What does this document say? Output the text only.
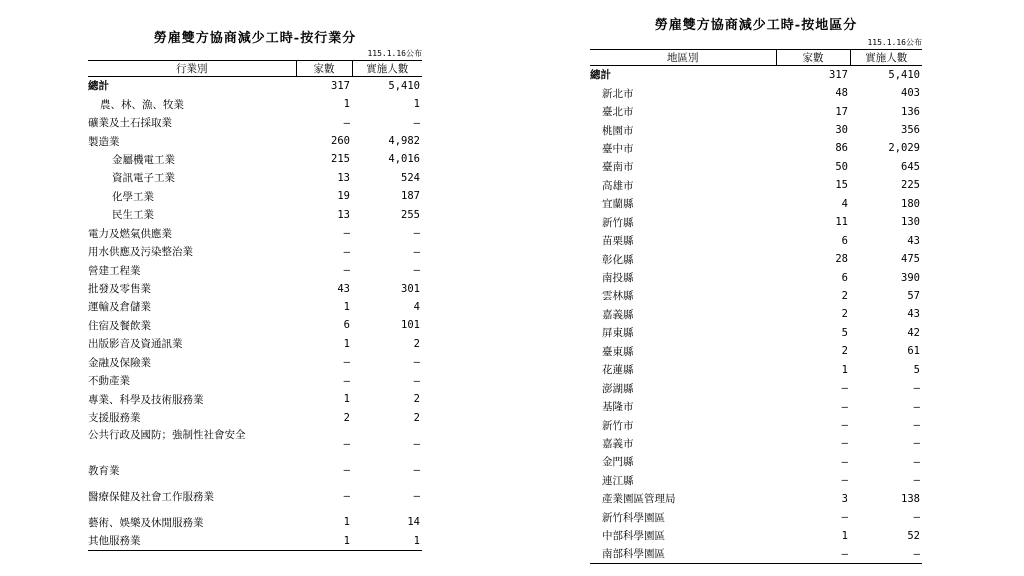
勞雇雙方協商減少工時-按行業分
115.1.16公布
行業別	家數	實施人數
總計	317	5,410
農、林、漁、牧業	1	1
礦業及土石採取業	–	–
製造業	260	4,982
金屬機電工業	215	4,016
資訊電子工業	13	524
化學工業	19	187
民生工業	13	255
電力及燃氣供應業	–	–
用水供應及污染整治業	–	–
營建工程業	–	–
批發及零售業	43	301
運輸及倉儲業	1	4
住宿及餐飲業	6	101
出版影音及資通訊業	1	2
金融及保險業	–	–
不動產業	–	–
專業、科學及技術服務業	1	2
支援服務業	2	2
公共行政及國防；強制性社會安全	–	–
教育業	–	–
醫療保健及社會工作服務業	–	–
藝術、娛樂及休閒服務業	1	14
其他服務業	1	1
勞雇雙方協商減少工時-按地區分
115.1.16公布
地區別	家數	實施人數
總計	317	5,410
新北市	48	403
臺北市	17	136
桃園市	30	356
臺中市	86	2,029
臺南市	50	645
高雄市	15	225
宜蘭縣	4	180
新竹縣	11	130
苗栗縣	6	43
彰化縣	28	475
南投縣	6	390
雲林縣	2	57
嘉義縣	2	43
屏東縣	5	42
臺東縣	2	61
花蓮縣	1	5
澎湖縣	–	–
基隆市	–	–
新竹市	–	–
嘉義市	–	–
金門縣	–	–
連江縣	–	–
產業園區管理局	3	138
新竹科學園區	–	–
中部科學園區	1	52
南部科學園區	–	–
